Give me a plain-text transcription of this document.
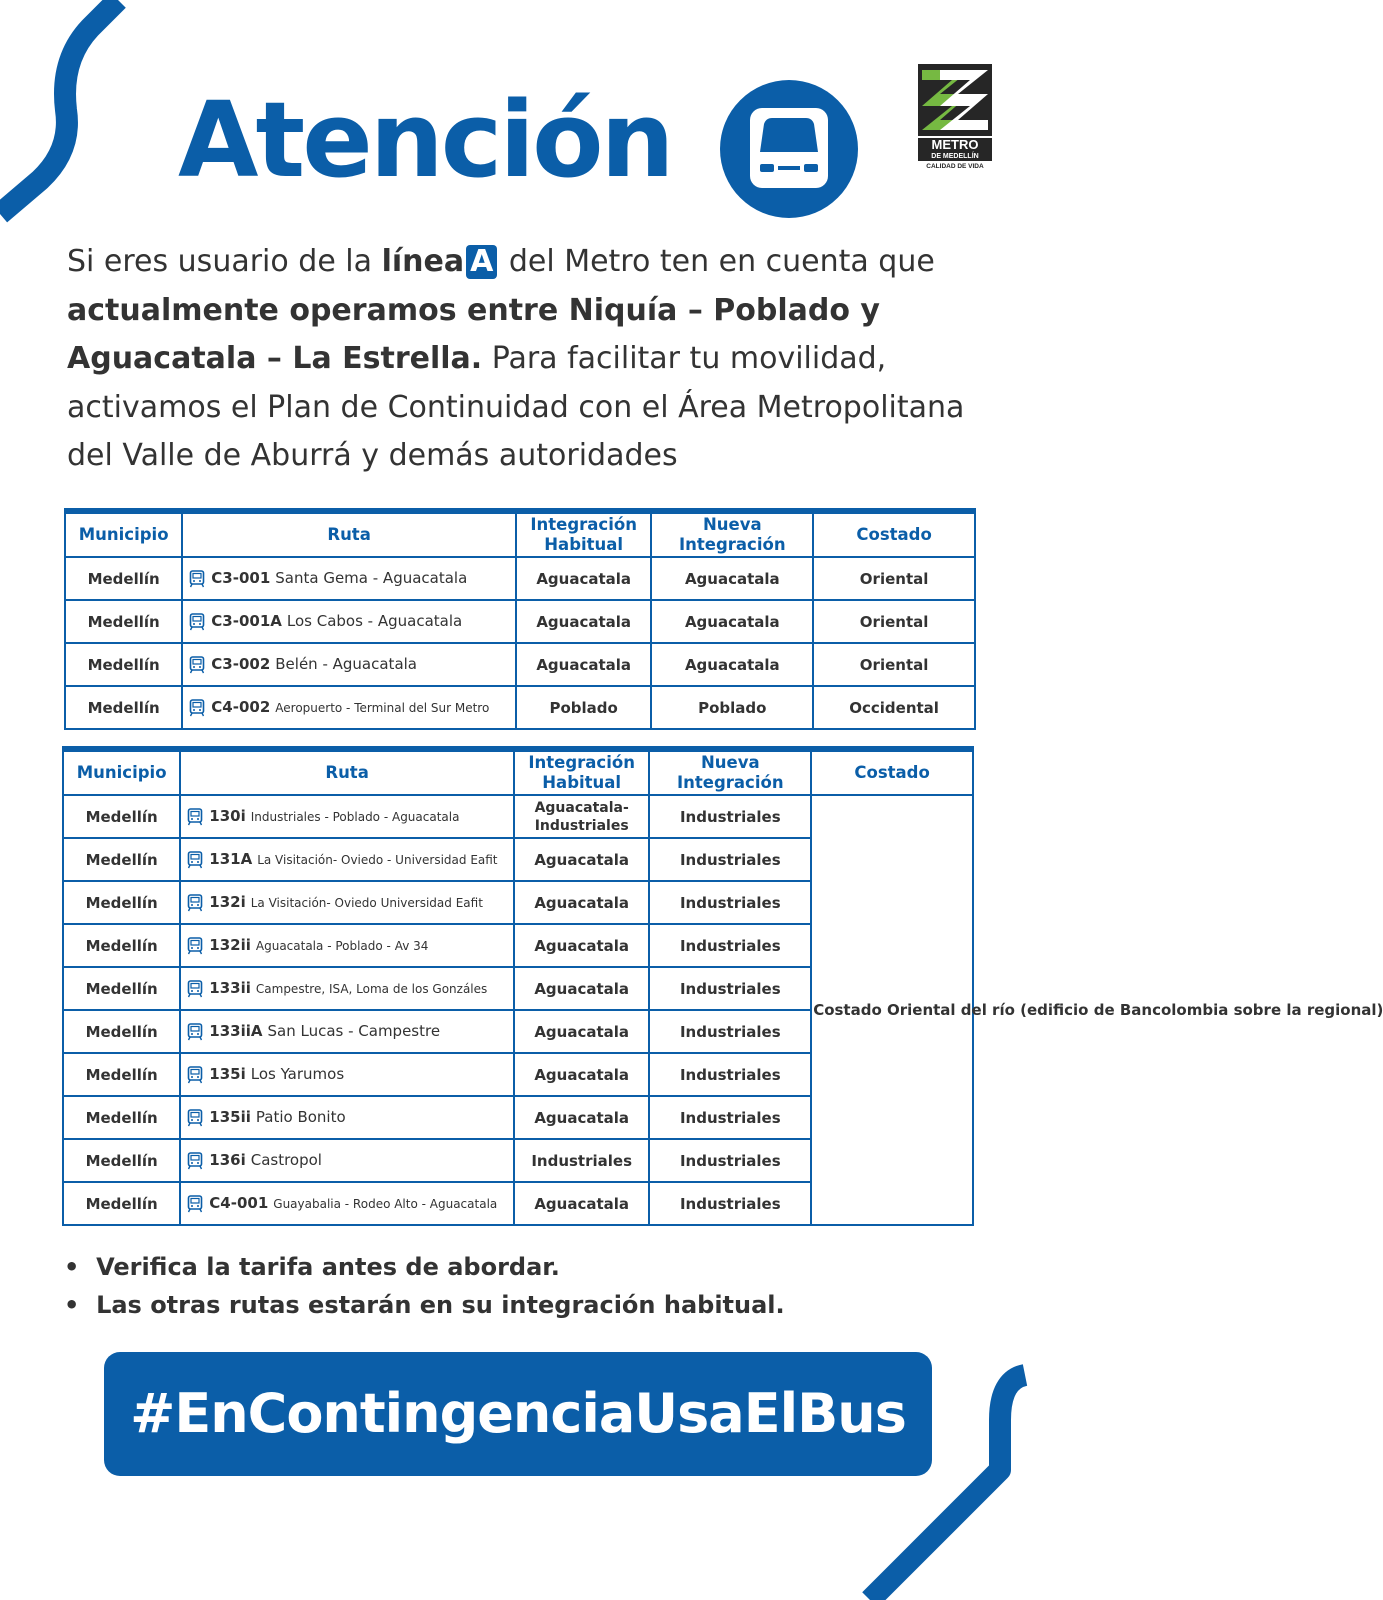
Atención	METRO
DE MEDELLÍN
CALIDAD DE VIDA
Si eres usuario de la línea A del Metro ten en cuenta que actualmente operamos entre Niquía – Poblado y Aguacatala – La Estrella. Para facilitar tu movilidad, activamos el Plan de Continuidad con el Área Metropolitana del Valle de Aburrá y demás autoridades
Municipio	Ruta	Integración Habitual	Nueva Integración	Costado
Medellín	C3-001 Santa Gema - Aguacatala	Aguacatala	Aguacatala	Oriental
Medellín	C3-001A Los Cabos - Aguacatala	Aguacatala	Aguacatala	Oriental
Medellín	C3-002 Belén - Aguacatala	Aguacatala	Aguacatala	Oriental
Medellín	C4-002 Aeropuerto - Terminal del Sur Metro	Poblado	Poblado	Occidental
Municipio	Ruta	Integración Habitual	Nueva Integración	Costado
Medellín	130i Industriales - Poblado - Aguacatala	Aguacatala-Industriales	Industriales	Costado Oriental del río (edificio de Bancolombia sobre la regional)
Medellín	131A La Visitación- Oviedo - Universidad Eafit	Aguacatala	Industriales	
Medellín	132i La Visitación- Oviedo Universidad Eafit	Aguacatala	Industriales	
Medellín	132ii Aguacatala - Poblado - Av 34	Aguacatala	Industriales	
Medellín	133ii Campestre, ISA, Loma de los Gonzáles	Aguacatala	Industriales	
Medellín	133iiA San Lucas - Campestre	Aguacatala	Industriales	
Medellín	135i Los Yarumos	Aguacatala	Industriales	
Medellín	135ii Patio Bonito	Aguacatala	Industriales	
Medellín	136i Castropol	Industriales	Industriales	
Medellín	C4-001 Guayabalia - Rodeo Alto - Aguacatala	Aguacatala	Industriales	
•  Verifica la tarifa antes de abordar.
•  Las otras rutas estarán en su integración habitual.
#EnContingenciaUsaElBus
